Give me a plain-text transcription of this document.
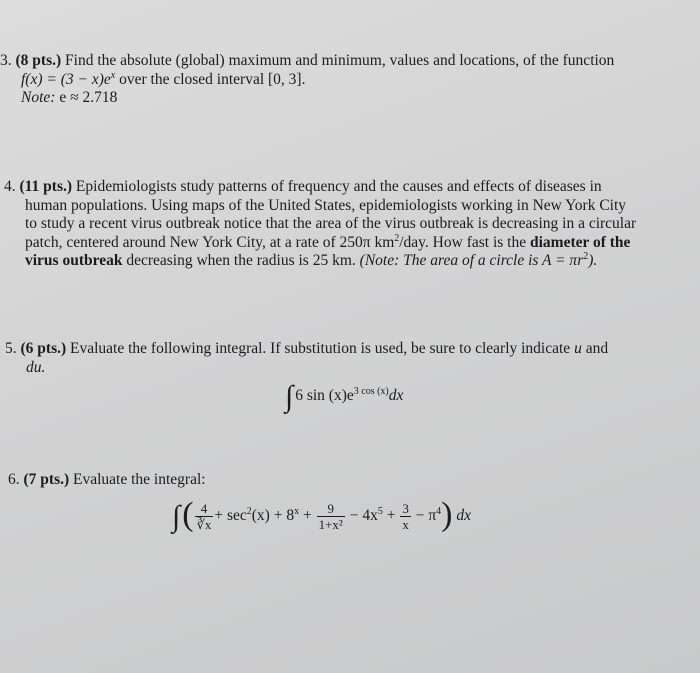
3. (8 pts.) Find the absolute (global) maximum and minimum, values and locations, of the function
$f(x) = (3 - x)e^x$ over the closed interval [0, 3].
Note: e ≈ 2.718
4. (11 pts.) Epidemiologists study patterns of frequency and the causes and effects of diseases in
human populations. Using maps of the United States, epidemiologists working in New York City
to study a recent virus outbreak notice that the area of the virus outbreak is decreasing in a circular
patch, centered around New York City, at a rate of 250π $km^2$/day. How fast is the diameter of the
virus outbreak decreasing when the radius is 25 km. (Note: The area of a circle is $A = \pi r^2$).
5. (6 pts.) Evaluate the following integral. If substitution is used, be sure to clearly indicate u and
du.
∫ 6 $\sin (x)e^{3 cos (x)}dx$
6. (7 pts.) Evaluate the integral:
∫( $\frac{4}{∛x} + \sec^2(x) + 8^x + \frac{9}{\text{1+x²}} - 4x^5 + \frac{3}{x} - \pi^4$) dx
